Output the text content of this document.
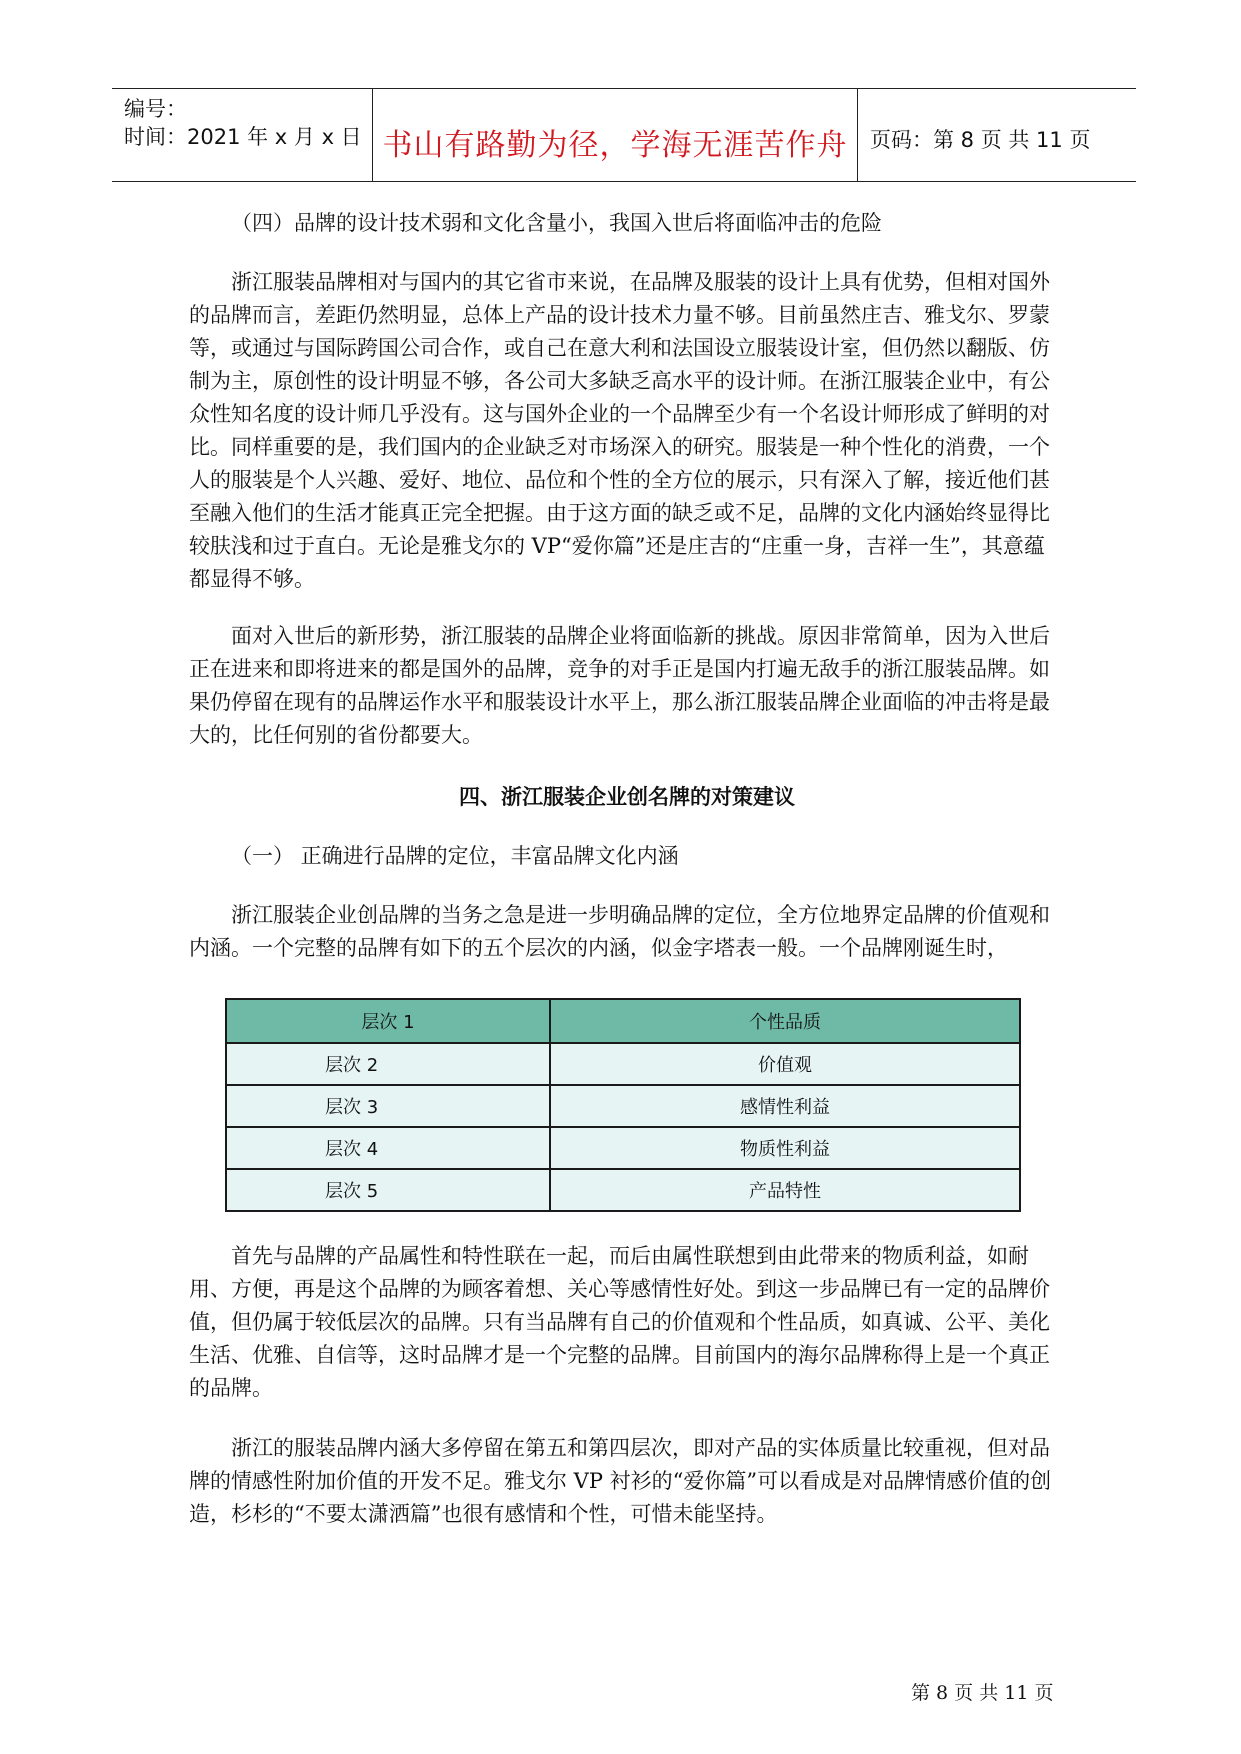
编号：
时间：2021 年 x 月 x 日 书山有路勤为径，学海无涯苦作舟	页码：第 8 页 共 11 页

（四）品牌的设计技术弱和文化含量小，我国入世后将面临冲击的危险

浙江服装品牌相对与国内的其它省市来说，在品牌及服装的设计上具有优势，但相对国外的品牌而言，差距仍然明显，总体上产品的设计技术力量不够。目前虽然庄吉、雅戈尔、罗蒙等，或通过与国际跨国公司合作，或自己在意大利和法国设立服装设计室，但仍然以翻版、仿制为主，原创性的设计明显不够，各公司大多缺乏高水平的设计师。在浙江服装企业中，有公众性知名度的设计师几乎没有。这与国外企业的一个品牌至少有一个名设计师形成了鲜明的对比。同样重要的是，我们国内的企业缺乏对市场深入的研究。服装是一种个性化的消费，一个人的服装是个人兴趣、爱好、地位、品位和个性的全方位的展示，只有深入了解，接近他们甚至融入他们的生活才能真正完全把握。由于这方面的缺乏或不足，品牌的文化内涵始终显得比较肤浅和过于直白。无论是雅戈尔的 VP“爱你篇”还是庄吉的“庄重一身，吉祥一生”，其意蕴都显得不够。

面对入世后的新形势，浙江服装的品牌企业将面临新的挑战。原因非常简单，因为入世后正在进来和即将进来的都是国外的品牌，竞争的对手正是国内打遍无敌手的浙江服装品牌。如果仍停留在现有的品牌运作水平和服装设计水平上，那么浙江服装品牌企业面临的冲击将是最大的，比任何别的省份都要大。

四、浙江服装企业创名牌的对策建议

（一） 正确进行品牌的定位，丰富品牌文化内涵

浙江服装企业创品牌的当务之急是进一步明确品牌的定位，全方位地界定品牌的价值观和内涵。一个完整的品牌有如下的五个层次的内涵，似金字塔表一般。一个品牌刚诞生时，

层次 1	个性品质
层次 2	价值观
层次 3	感情性利益
层次 4	物质性利益
层次 5	产品特性

首先与品牌的产品属性和特性联在一起，而后由属性联想到由此带来的物质利益，如耐用、方便，再是这个品牌的为顾客着想、关心等感情性好处。到这一步品牌已有一定的品牌价值，但仍属于较低层次的品牌。只有当品牌有自己的价值观和个性品质，如真诚、公平、美化生活、优雅、自信等，这时品牌才是一个完整的品牌。目前国内的海尔品牌称得上是一个真正的品牌。

浙江的服装品牌内涵大多停留在第五和第四层次，即对产品的实体质量比较重视，但对品牌的情感性附加价值的开发不足。雅戈尔 VP 衬衫的“爱你篇”可以看成是对品牌情感价值的创造，杉杉的“不要太潇洒篇”也很有感情和个性，可惜未能坚持。

第 8 页 共 11 页
